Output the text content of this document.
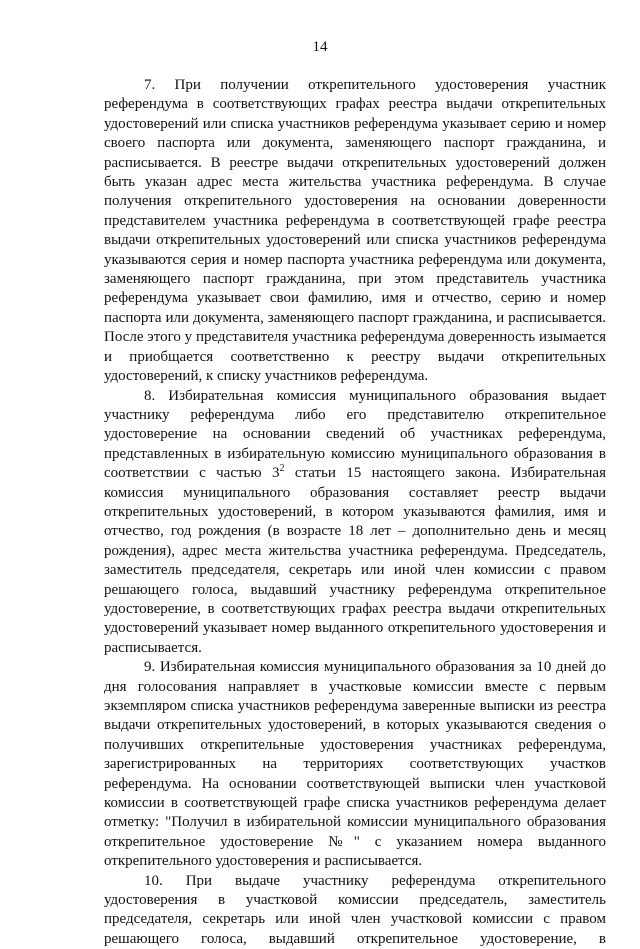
14

7. При получении открепительного удостоверения участник референдума в соответствующих графах реестра выдачи открепительных удостоверений или списка участников референдума указывает серию и номер своего паспорта или документа, заменяющего паспорт гражданина, и расписывается. В реестре выдачи открепительных удостоверений должен быть указан адрес места жительства участника референдума. В случае получения открепительного удостоверения на основании доверенности представителем участника референдума в соответствующей графе реестра выдачи открепительных удостоверений или списка участников референдума указываются серия и номер паспорта участника референдума или документа, заменяющего паспорт гражданина, при этом представитель участника референдума указывает свои фамилию, имя и отчество, серию и номер паспорта или документа, заменяющего паспорт гражданина, и расписывается. После этого у представителя участника референдума доверенность изымается и приобщается соответственно к реестру выдачи открепительных удостоверений, к списку участников референдума.

8. Избирательная комиссия муниципального образования выдает участнику референдума либо его представителю открепительное удостоверение на основании сведений об участниках референдума, представленных в избирательную комиссию муниципального образования в соответствии с частью $3^2$ статьи 15 настоящего закона. Избирательная комиссия муниципального образования составляет реестр выдачи открепительных удостоверений, в котором указываются фамилия, имя и отчество, год рождения (в возрасте 18 лет – дополнительно день и месяц рождения), адрес места жительства участника референдума. Председатель, заместитель председателя, секретарь или иной член комиссии с правом решающего голоса, выдавший участнику референдума открепительное удостоверение, в соответствующих графах реестра выдачи открепительных удостоверений указывает номер выданного открепительного удостоверения и расписывается.

9. Избирательная комиссия муниципального образования за 10 дней до дня голосования направляет в участковые комиссии вместе с первым экземпляром списка участников референдума заверенные выписки из реестра выдачи открепительных удостоверений, в которых указываются сведения о получивших открепительные удостоверения участниках референдума, зарегистрированных на территориях соответствующих участков референдума. На основании соответствующей выписки член участковой комиссии в соответствующей графе списка участников референдума делает отметку: "Получил в избирательной комиссии муниципального образования открепительное удостоверение №" с указанием номера выданного открепительного удостоверения и расписывается.

10. При выдаче участнику референдума открепительного удостоверения в участковой комиссии председатель, заместитель председателя, секретарь или иной член участковой комиссии с правом решающего голоса, выдавший открепительное удостоверение, в
